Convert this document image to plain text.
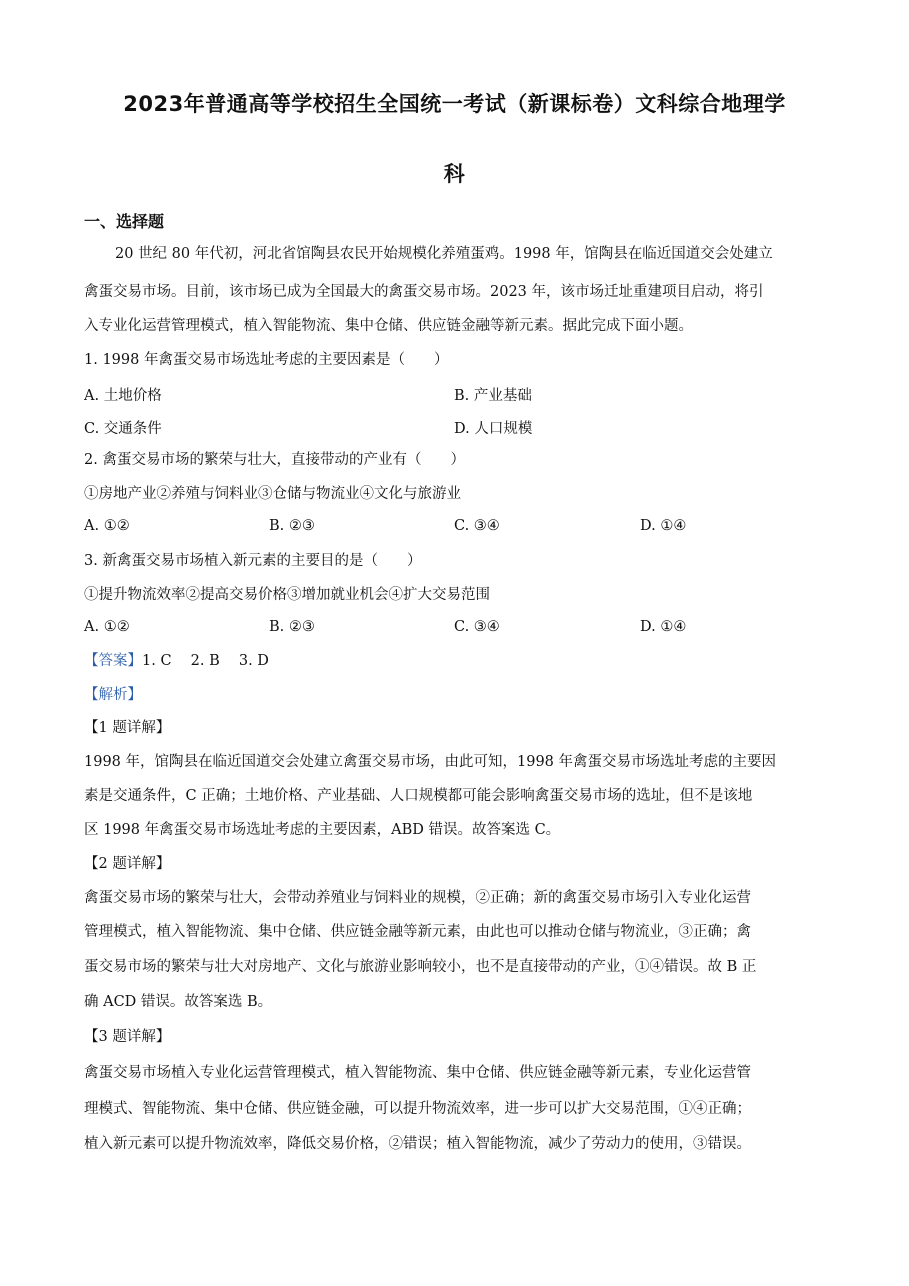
2023年普通高等学校招生全国统一考试（新课标卷）文科综合地理学
科
一、选择题
20 世纪 80 年代初，河北省馆陶县农民开始规模化养殖蛋鸡。1998 年，馆陶县在临近国道交会处建立
禽蛋交易市场。目前，该市场已成为全国最大的禽蛋交易市场。2023 年，该市场迁址重建项目启动，将引
入专业化运营管理模式，植入智能物流、集中仓储、供应链金融等新元素。据此完成下面小题。
1. 1998 年禽蛋交易市场选址考虑的主要因素是（　　）
A. 土地价格	B. 产业基础
C. 交通条件	D. 人口规模
2. 禽蛋交易市场的繁荣与壮大，直接带动的产业有（　　）
①房地产业②养殖与饲料业③仓储与物流业④文化与旅游业
A. ①②	B. ②③	C. ③④	D. ①④
3. 新禽蛋交易市场植入新元素的主要目的是（　　）
①提升物流效率②提高交易价格③增加就业机会④扩大交易范围
A. ①②	B. ②③	C. ③④	D. ①④
【答案】1. C　 2. B　 3. D
【解析】
【1 题详解】
1998 年，馆陶县在临近国道交会处建立禽蛋交易市场，由此可知，1998 年禽蛋交易市场选址考虑的主要因
素是交通条件，C 正确；土地价格、产业基础、人口规模都可能会影响禽蛋交易市场的选址，但不是该地
区 1998 年禽蛋交易市场选址考虑的主要因素，ABD 错误。故答案选 C。
【2 题详解】
禽蛋交易市场的繁荣与壮大，会带动养殖业与饲料业的规模，②正确；新的禽蛋交易市场引入专业化运营
管理模式，植入智能物流、集中仓储、供应链金融等新元素，由此也可以推动仓储与物流业，③正确；禽
蛋交易市场的繁荣与壮大对房地产、文化与旅游业影响较小，也不是直接带动的产业，①④错误。故 B 正
确 ACD 错误。故答案选 B。
【3 题详解】
禽蛋交易市场植入专业化运营管理模式，植入智能物流、集中仓储、供应链金融等新元素，专业化运营管
理模式、智能物流、集中仓储、供应链金融，可以提升物流效率，进一步可以扩大交易范围，①④正确；
植入新元素可以提升物流效率，降低交易价格，②错误；植入智能物流，减少了劳动力的使用，③错误。
